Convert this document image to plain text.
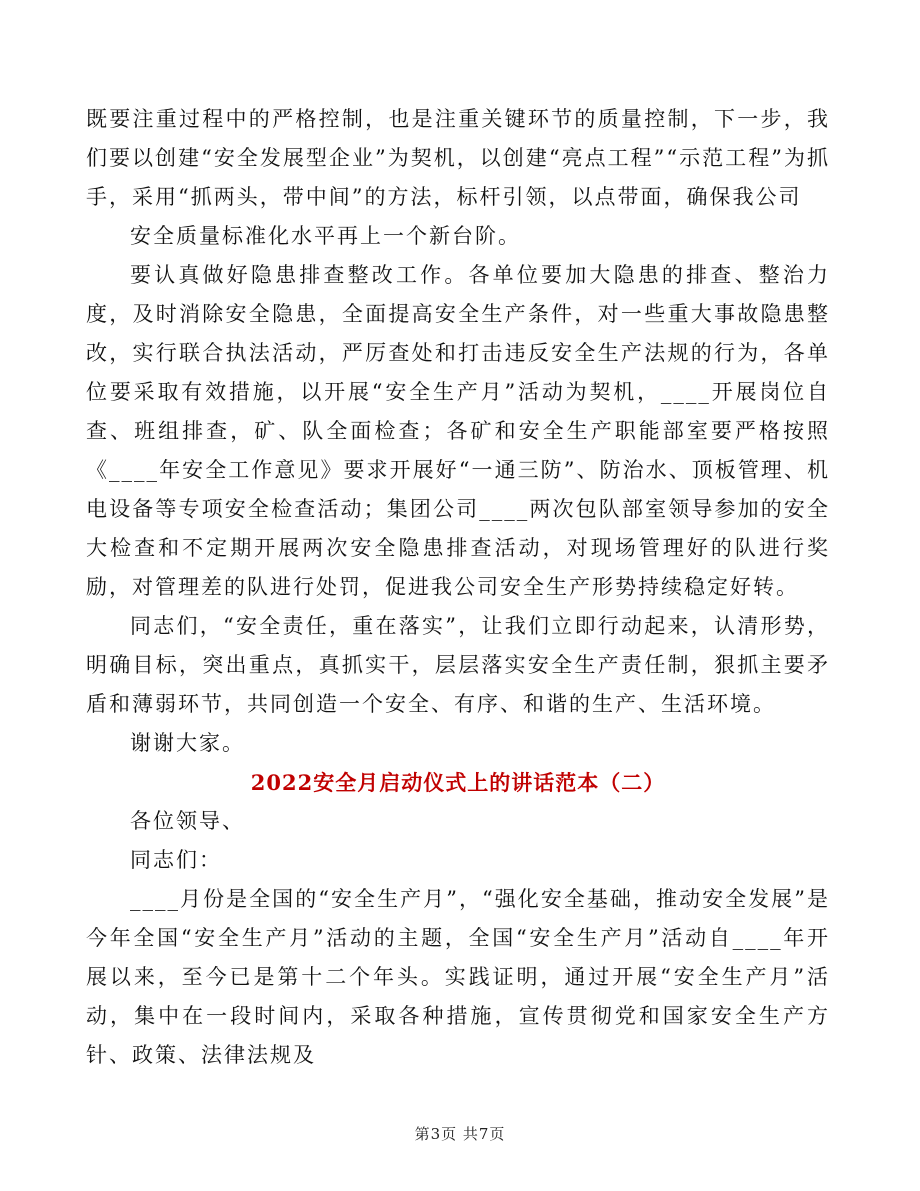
既要注重过程中的严格控制，也是注重关键环节的质量控制，下一步，我们要以创建“安全发展型企业”为契机，以创建“亮点工程”“示范工程”为抓手，采用“抓两头，带中间”的方法，标杆引领，以点带面，确保我公司

安全质量标准化水平再上一个新台阶。

要认真做好隐患排查整改工作。各单位要加大隐患的排查、整治力度，及时消除安全隐患，全面提高安全生产条件，对一些重大事故隐患整改，实行联合执法活动，严厉查处和打击违反安全生产法规的行为，各单位要采取有效措施，以开展“安全生产月”活动为契机，____开展岗位自查、班组排查，矿、队全面检查；各矿和安全生产职能部室要严格按照《____年安全工作意见》要求开展好“一通三防”、防治水、顶板管理、机电设备等专项安全检查活动；集团公司____两次包队部室领导参加的安全大检查和不定期开展两次安全隐患排查活动，对现场管理好的队进行奖励，对管理差的队进行处罚，促进我公司安全生产形势持续稳定好转。

同志们，“安全责任，重在落实”，让我们立即行动起来，认清形势，明确目标，突出重点，真抓实干，层层落实安全生产责任制，狠抓主要矛盾和薄弱环节，共同创造一个安全、有序、和谐的生产、生活环境。

谢谢大家。

2022安全月启动仪式上的讲话范本（二）

各位领导、

同志们：

____月份是全国的“安全生产月”，“强化安全基础，推动安全发展”是今年全国“安全生产月”活动的主题，全国“安全生产月”活动自____年开展以来，至今已是第十二个年头。实践证明，通过开展“安全生产月”活动，集中在一段时间内，采取各种措施，宣传贯彻党和国家安全生产方针、政策、法律法规及

第3页 共7页
